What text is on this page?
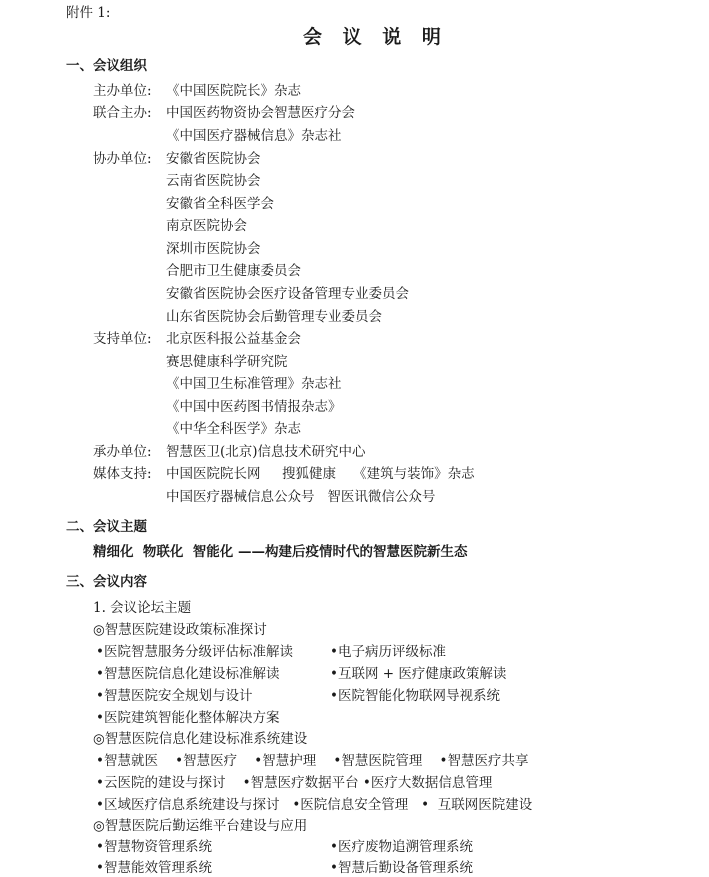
附件 1:
会 议 说 明
一、会议组织
主办单位: 《中国医院院长》杂志
联合主办: 中国医药物资协会智慧医疗分会
《中国医疗器械信息》杂志社
协办单位: 安徽省医院协会
云南省医院协会
安徽省全科医学会
南京医院协会
深圳市医院协会
合肥市卫生健康委员会
安徽省医院协会医疗设备管理专业委员会
山东省医院协会后勤管理专业委员会
支持单位: 北京医科报公益基金会
赛思健康科学研究院
《中国卫生标准管理》杂志社
《中国中医药图书情报杂志》
《中华全科医学》杂志
承办单位: 智慧医卫(北京)信息技术研究中心
媒体支持: 中国医院院长网     搜狐健康    《建筑与装饰》杂志
中国医疗器械信息公众号   智医讯微信公众号
二、会议主题
精细化  物联化  智能化 ——构建后疫情时代的智慧医院新生态
三、会议内容
1. 会议论坛主题
◎智慧医院建设政策标准探讨
•医院智慧服务分级评估标准解读	•电子病历评级标准
•智慧医院信息化建设标准解读	•互联网 + 医疗健康政策解读
•智慧医院安全规划与设计	•医院智能化物联网导视系统
•医院建筑智能化整体解决方案
◎智慧医院信息化建设标准系统建设
•智慧就医    •智慧医疗    •智慧护理    •智慧医院管理    •智慧医疗共享
•云医院的建设与探讨    •智慧医疗数据平台 •医疗大数据信息管理
•区域医疗信息系统建设与探讨   •医院信息安全管理   •  互联网医院建设
◎智慧医院后勤运维平台建设与应用
•智慧物资管理系统	•医疗废物追溯管理系统
•智慧能效管理系统	•智慧后勤设备管理系统
